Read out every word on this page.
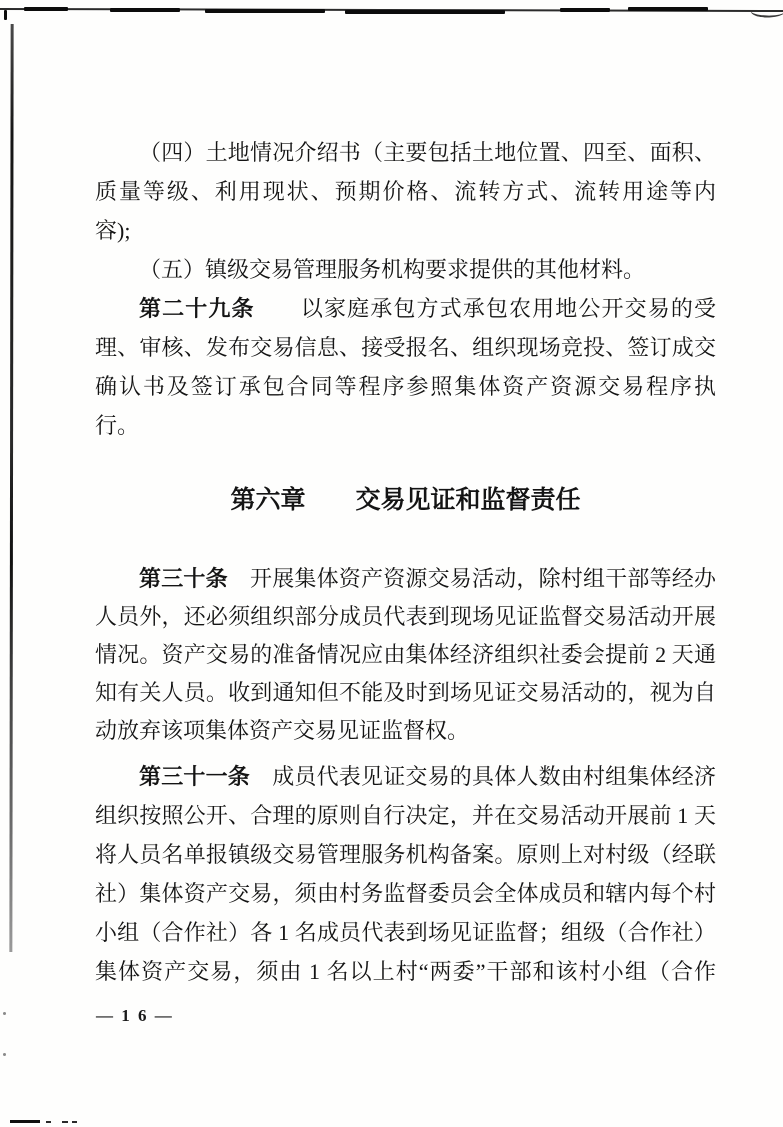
（四）土地情况介绍书（主要包括土地位置、四至、面积、
质量等级、利用现状、预期价格、流转方式、流转用途等内
容);
（五）镇级交易管理服务机构要求提供的其他材料。
第二十九条　　以家庭承包方式承包农用地公开交易的受
理、审核、发布交易信息、接受报名、组织现场竞投、签订成交
确认书及签订承包合同等程序参照集体资产资源交易程序执
行。
第六章 交易见证和监督责任
第三十条　开展集体资产资源交易活动，除村组干部等经办
人员外，还必须组织部分成员代表到现场见证监督交易活动开展
情况。资产交易的准备情况应由集体经济组织社委会提前 2 天通
知有关人员。收到通知但不能及时到场见证交易活动的，视为自
动放弃该项集体资产交易见证监督权。
第三十一条　成员代表见证交易的具体人数由村组集体经济
组织按照公开、合理的原则自行决定，并在交易活动开展前 1 天
将人员名单报镇级交易管理服务机构备案。原则上对村级（经联
社）集体资产交易，须由村务监督委员会全体成员和辖内每个村
小组（合作社）各 1 名成员代表到场见证监督；组级（合作社）
集体资产交易，须由 1 名以上村“两委”干部和该村小组（合作
— 1 6 —
